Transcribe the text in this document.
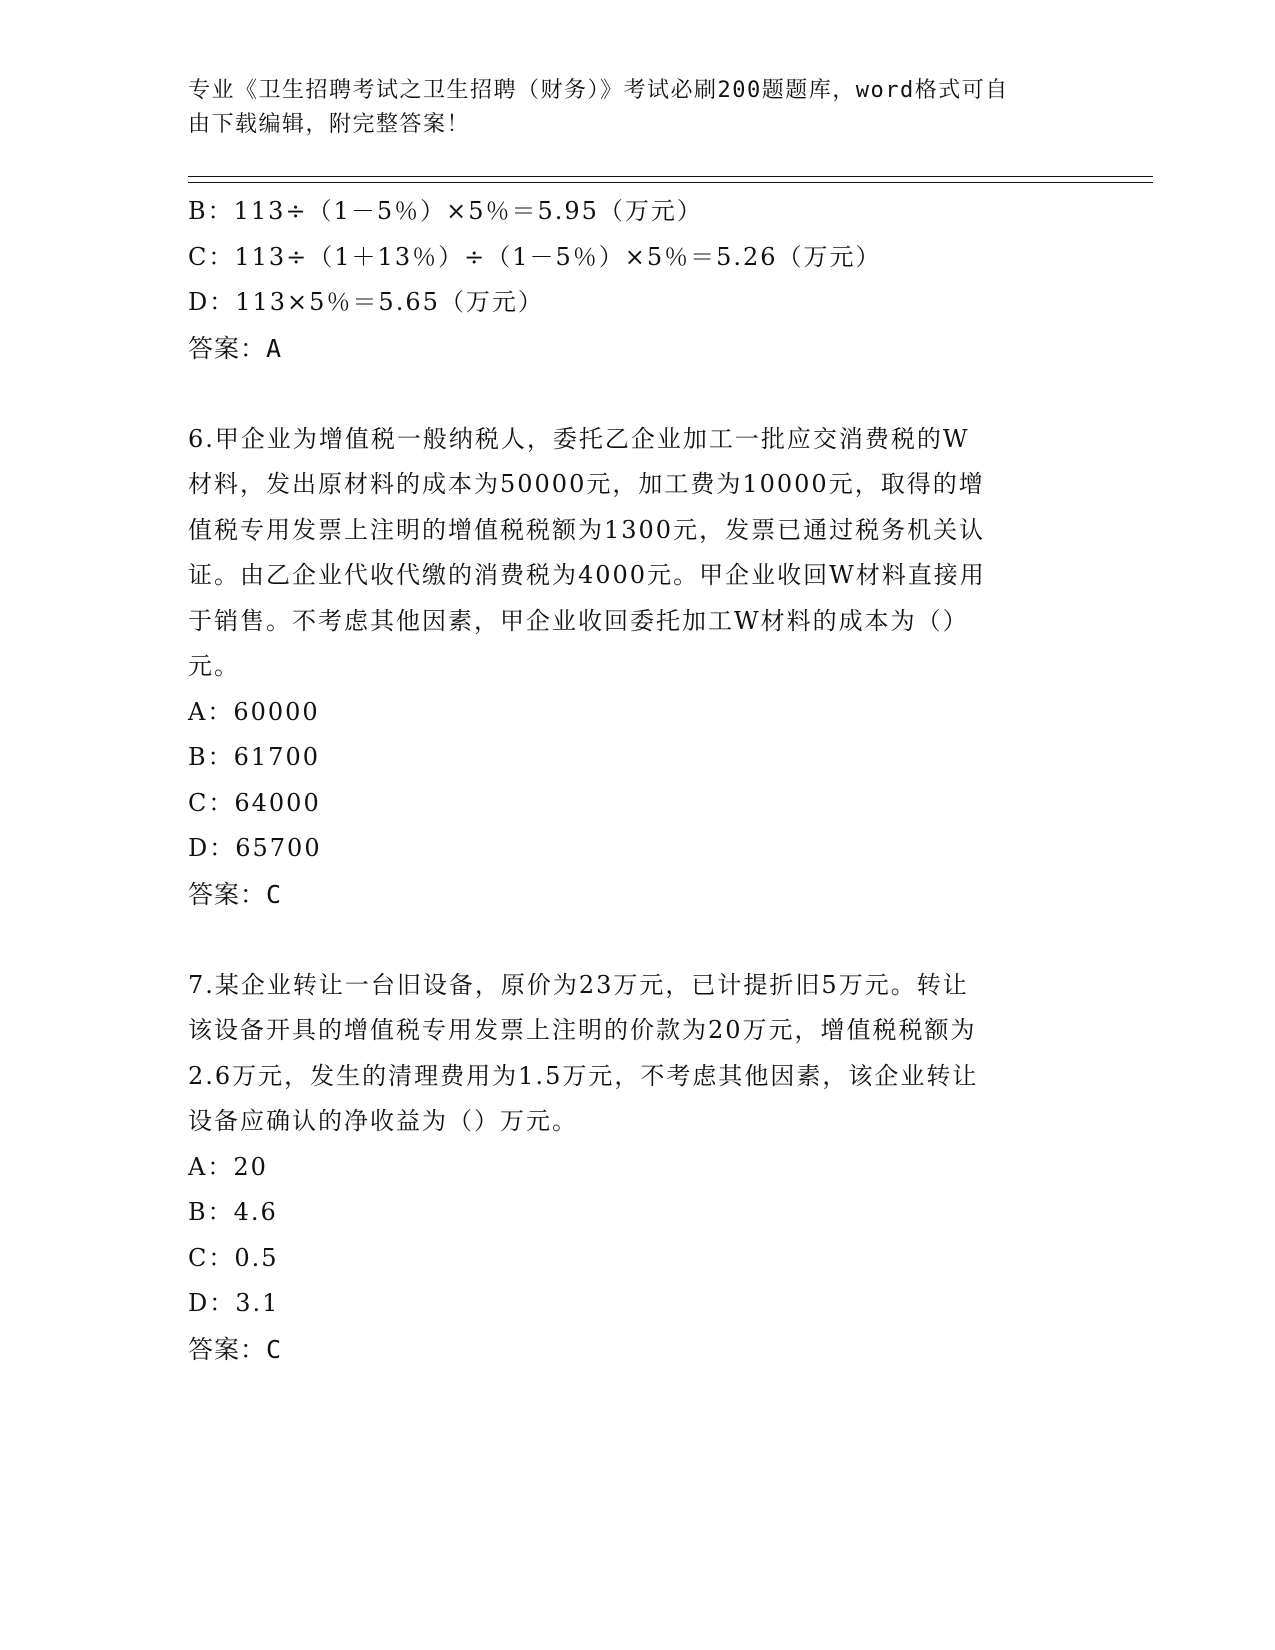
专业《卫生招聘考试之卫生招聘（财务）》考试必刷200题题库，word格式可自
由下载编辑，附完整答案！
B：113÷（1－5％）×5％＝5.95（万元）
C：113÷（1＋13％）÷（1－5％）×5％＝5.26（万元）
D：113×5％＝5.65（万元）
答案：A
6.甲企业为增值税一般纳税人，委托乙企业加工一批应交消费税的W
材料，发出原材料的成本为50000元，加工费为10000元，取得的增
值税专用发票上注明的增值税税额为1300元，发票已通过税务机关认
证。由乙企业代收代缴的消费税为4000元。甲企业收回W材料直接用
于销售。不考虑其他因素，甲企业收回委托加工W材料的成本为（）
元。
A：60000
B：61700
C：64000
D：65700
答案：C
7.某企业转让一台旧设备，原价为23万元，已计提折旧5万元。转让
该设备开具的增值税专用发票上注明的价款为20万元，增值税税额为
2.6万元，发生的清理费用为1.5万元，不考虑其他因素，该企业转让
设备应确认的净收益为（）万元。
A：20
B：4.6
C：0.5
D：3.1
答案：C
